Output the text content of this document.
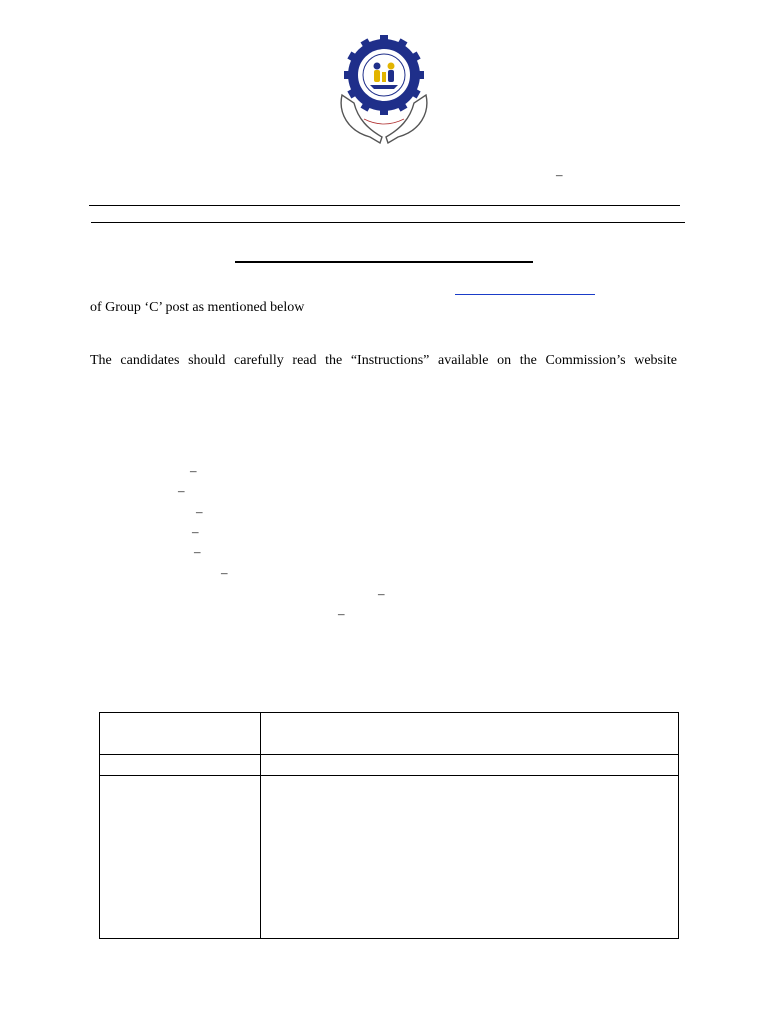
–
of Group ‘C’ post as mentioned below
The candidates should carefully read the “Instructions” available on the Commission’s website
–
–
–
–
–
–
–
–
